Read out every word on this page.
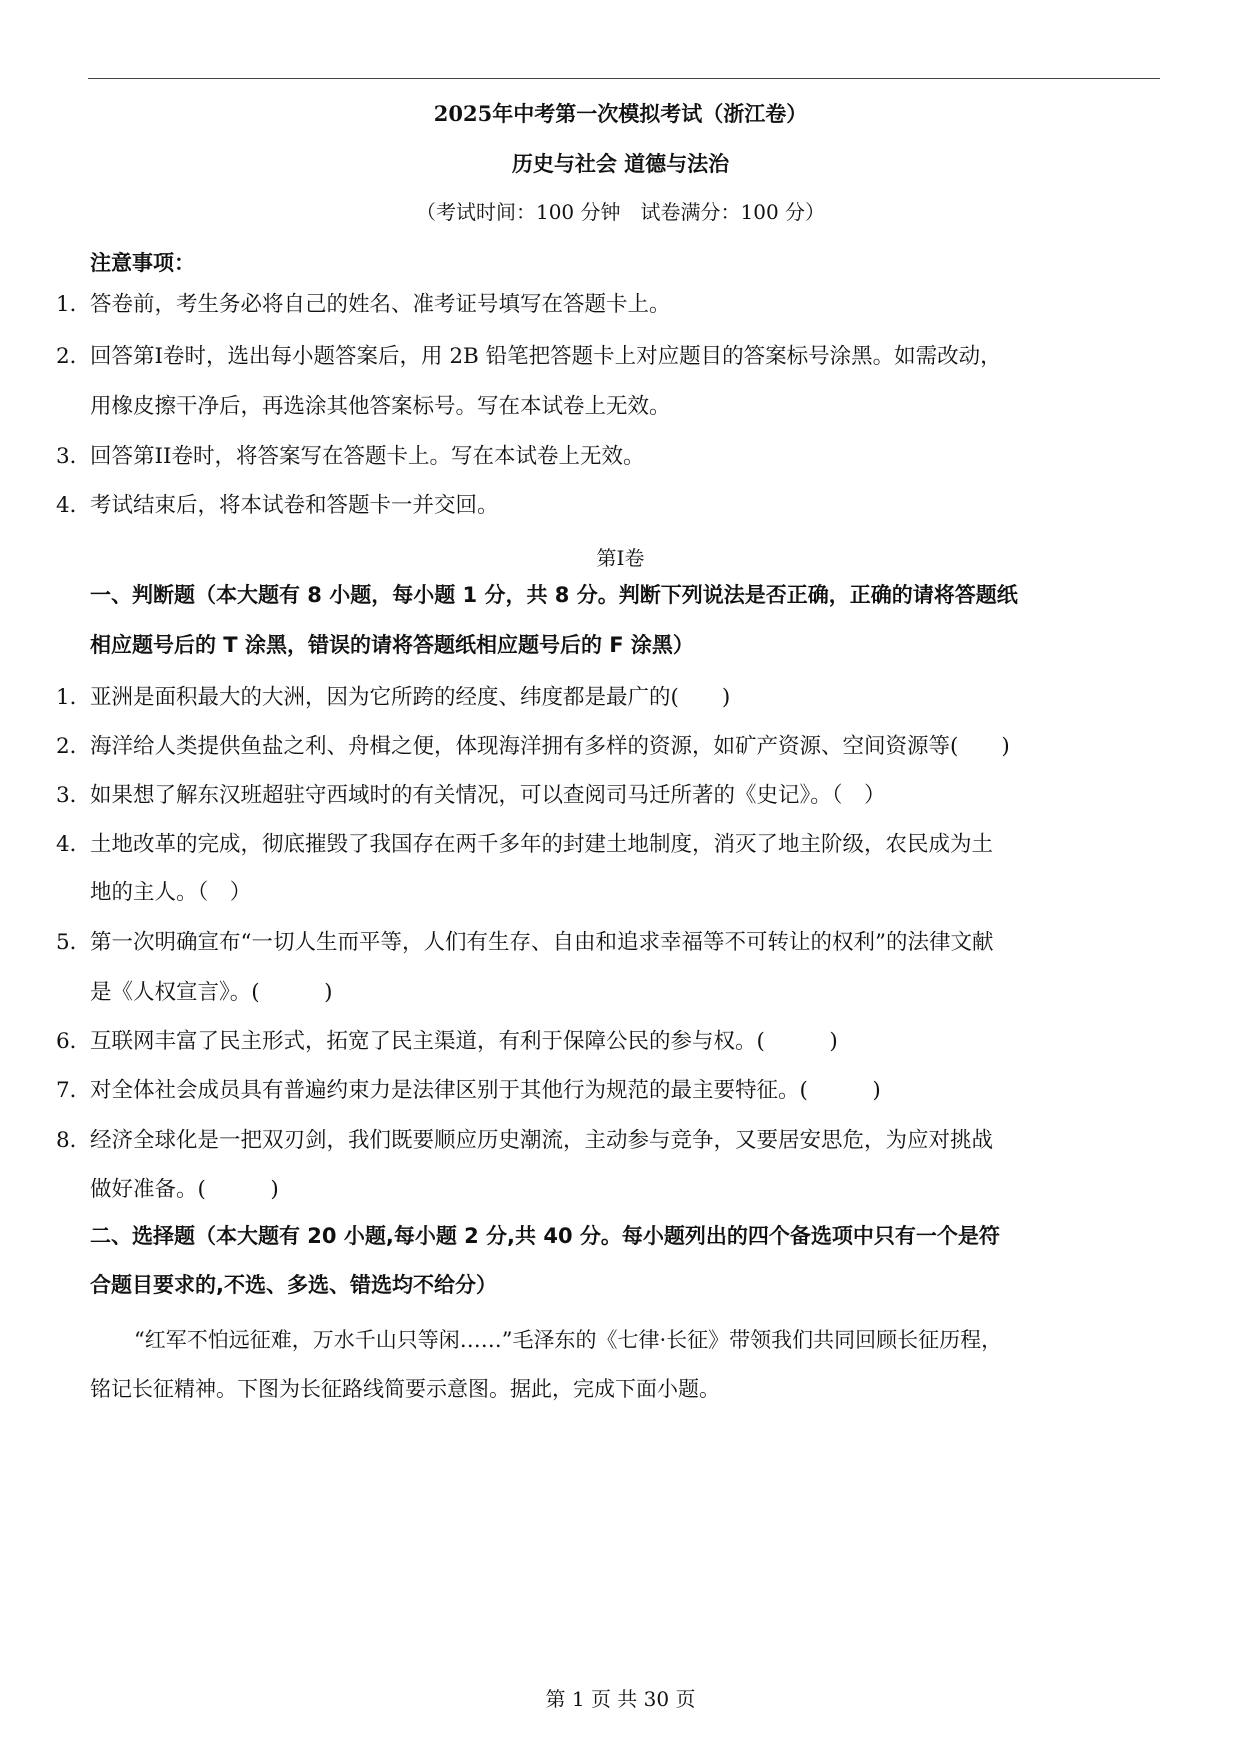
2025年中考第一次模拟考试（浙江卷）
历史与社会 道德与法治
（考试时间：100 分钟　试卷满分：100 分）
注意事项：
1．答卷前，考生务必将自己的姓名、准考证号填写在答题卡上。
2．回答第I卷时，选出每小题答案后，用 2B 铅笔把答题卡上对应题目的答案标号涂黑。如需改动，
用橡皮擦干净后，再选涂其他答案标号。写在本试卷上无效。
3．回答第II卷时，将答案写在答题卡上。写在本试卷上无效。
4．考试结束后，将本试卷和答题卡一并交回。
第I卷
一、判断题（本大题有 8 小题，每小题 1 分，共 8 分。判断下列说法是否正确，正确的请将答题纸
相应题号后的 T 涂黑，错误的请将答题纸相应题号后的 F 涂黑）
1．亚洲是面积最大的大洲，因为它所跨的经度、纬度都是最广的(　　)
2．海洋给人类提供鱼盐之利、舟楫之便，体现海洋拥有多样的资源，如矿产资源、空间资源等(　　)
3．如果想了解东汉班超驻守西域时的有关情况，可以查阅司马迁所著的《史记》。（　）
4．土地改革的完成，彻底摧毁了我国存在两千多年的封建土地制度，消灭了地主阶级，农民成为土
地的主人。（　）
5．第一次明确宣布“一切人生而平等，人们有生存、自由和追求幸福等不可转让的权利”的法律文献
是《人权宣言》。(　　　)
6．互联网丰富了民主形式，拓宽了民主渠道，有利于保障公民的参与权。(　　　)
7．对全体社会成员具有普遍约束力是法律区别于其他行为规范的最主要特征。(　　　)
8．经济全球化是一把双刃剑，我们既要顺应历史潮流，主动参与竞争，又要居安思危，为应对挑战
做好准备。(　　　)
二、选择题（本大题有 20 小题,每小题 2 分,共 40 分。每小题列出的四个备选项中只有一个是符
合题目要求的,不选、多选、错选均不给分）
“红军不怕远征难，万水千山只等闲……”毛泽东的《七律·长征》带领我们共同回顾长征历程，
铭记长征精神。下图为长征路线简要示意图。据此，完成下面小题。
第 1 页 共 30 页
